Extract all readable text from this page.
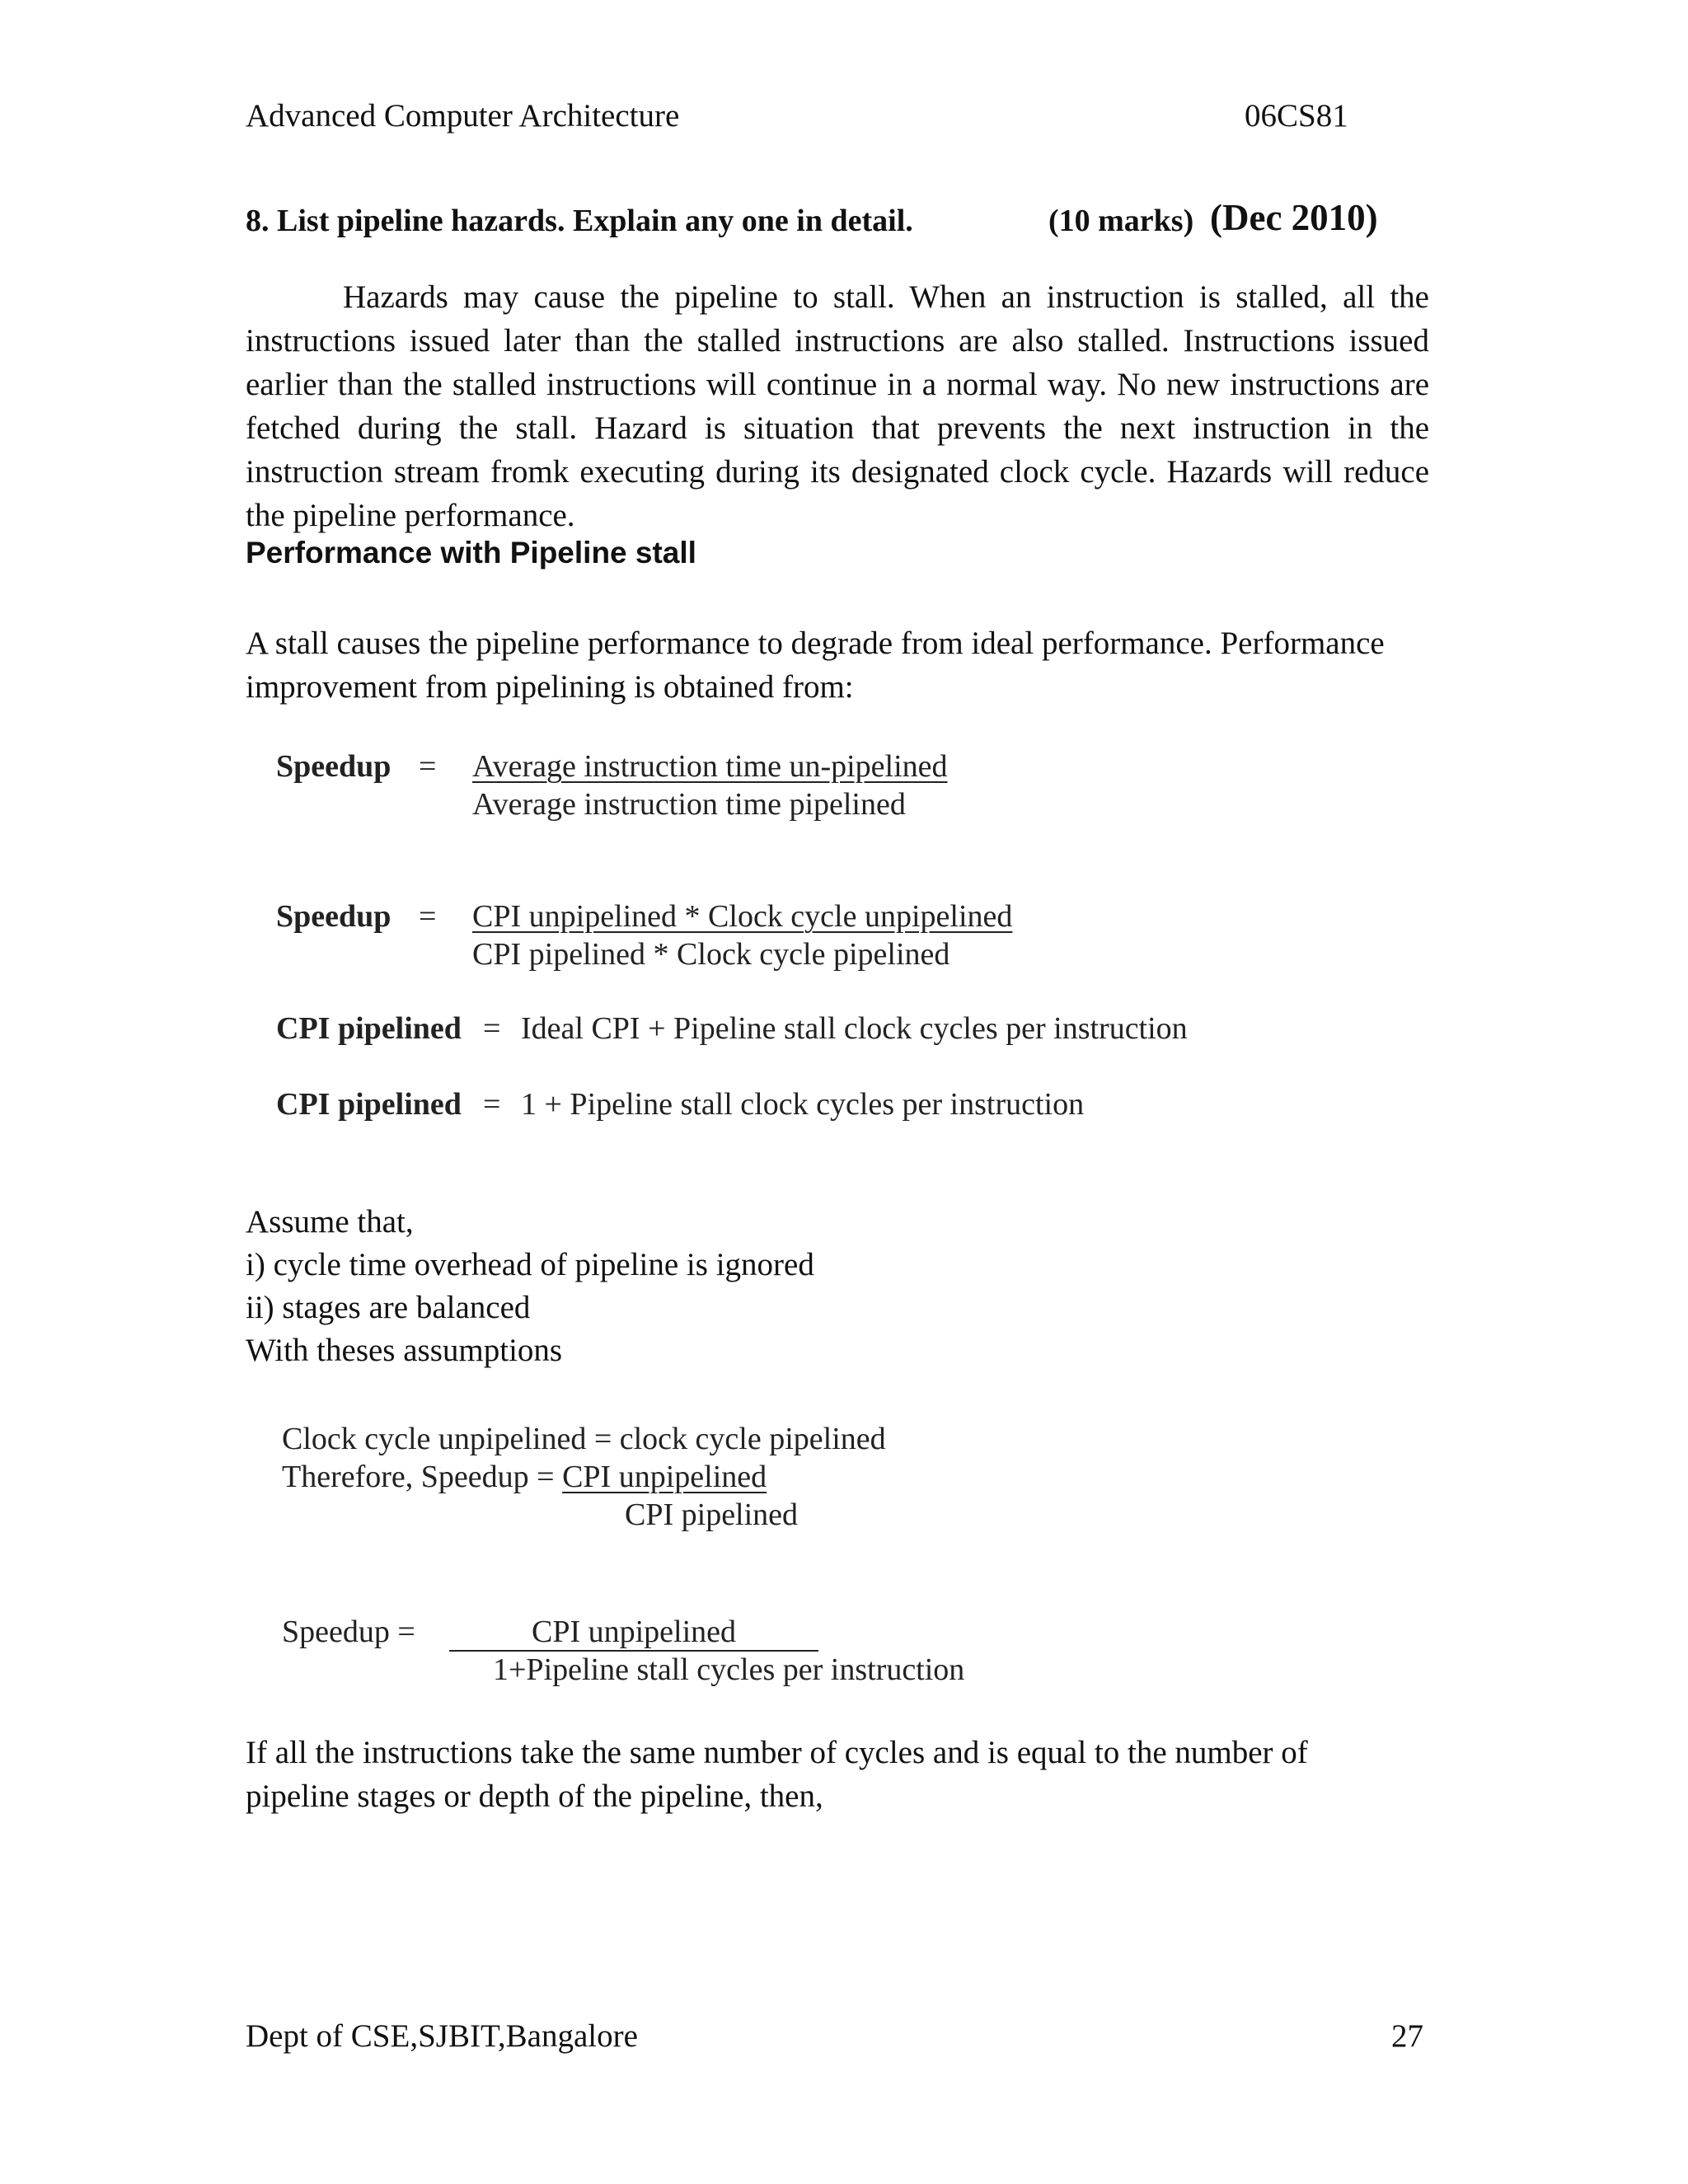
Advanced Computer Architecture	06CS81
8. List pipeline hazards. Explain any one in detail.	(10 marks) (Dec 2010)
Hazards may cause the pipeline to stall. When an instruction is stalled, all the instructions issued later than the stalled instructions are also stalled. Instructions issued earlier than the stalled instructions will continue in a normal way. No new instructions are fetched during the stall. Hazard is situation that prevents the next instruction in the instruction stream fromk executing during its designated clock cycle. Hazards will reduce the pipeline performance.
Performance with Pipeline stall
A stall causes the pipeline performance to degrade from ideal performance. Performance improvement from pipelining is obtained from:
Speedup = Average instruction time un-pipelined
Average instruction time pipelined
Speedup = CPI unpipelined * Clock cycle unpipelined
CPI pipelined * Clock cycle pipelined
CPI pipelined = Ideal CPI + Pipeline stall clock cycles per instruction
CPI pipelined = 1 + Pipeline stall clock cycles per instruction
Assume that,
i) cycle time overhead of pipeline is ignored
ii) stages are balanced
With theses assumptions
Clock cycle unpipelined = clock cycle pipelined
Therefore, Speedup = CPI unpipelined
CPI pipelined
Speedup =	CPI unpipelined
1+Pipeline stall cycles per instruction
If all the instructions take the same number of cycles and is equal to the number of pipeline stages or depth of the pipeline, then,
Dept of CSE,SJBIT,Bangalore	27
